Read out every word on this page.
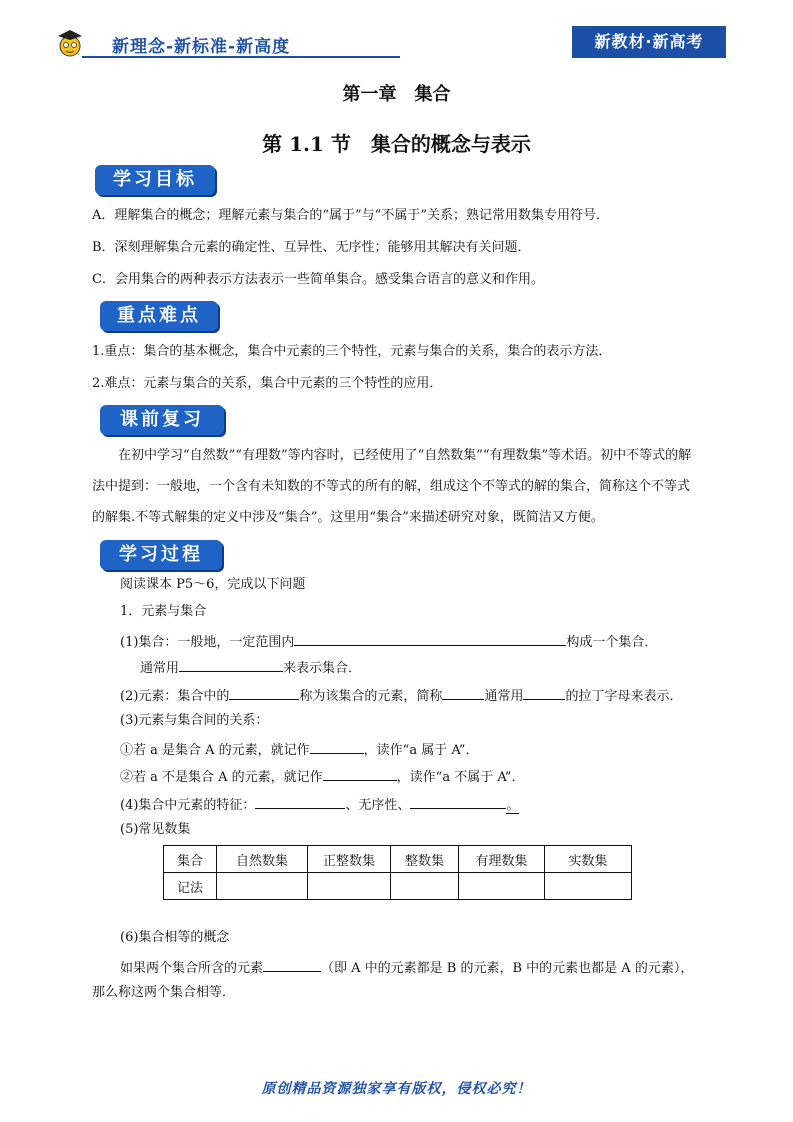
新理念-新标准-新高度	新教材·新高考
第一章　集合
第 1.1 节　集合的概念与表示
学习目标
A．理解集合的概念；理解元素与集合的“属于”与“不属于”关系；熟记常用数集专用符号．
B．深刻理解集合元素的确定性、互异性、无序性；能够用其解决有关问题．
C．会用集合的两种表示方法表示一些简单集合。感受集合语言的意义和作用。
重点难点
1.重点：集合的基本概念，集合中元素的三个特性，元素与集合的关系，集合的表示方法．
2.难点：元素与集合的关系，集合中元素的三个特性的应用．
课前复习
在初中学习“自然数”“有理数”等内容时，已经使用了“自然数集”“有理数集”等术语。初中不等式的解法中提到：一般地，一个含有未知数的不等式的所有的解，组成这个不等式的解的集合，简称这个不等式的解集.不等式解集的定义中涉及“集合”。这里用“集合”来描述研究对象，既简洁又方便。
学习过程
阅读课本 P5～6，完成以下问题
1．元素与集合
(1)集合：一般地，一定范围内	构成一个集合．
通常用	来表示集合．
(2)元素：集合中的	称为该集合的元素，简称	通常用	的拉丁字母来表示．
(3)元素与集合间的关系：
①若 a 是集合 A 的元素，就记作	，读作“a 属于 A”．
②若 a 不是集合 A 的元素，就记作	，读作“a 不属于 A”．
(4)集合中元素的特征：	、无序性、	。
(5)常见数集
集合	自然数集	正整数集	整数集	有理数集	实数集
记法					
(6)集合相等的概念
如果两个集合所含的元素	（即 A 中的元素都是 B 的元素，B 中的元素也都是 A 的元素），
那么称这两个集合相等．
原创精品资源独家享有版权，侵权必究！
